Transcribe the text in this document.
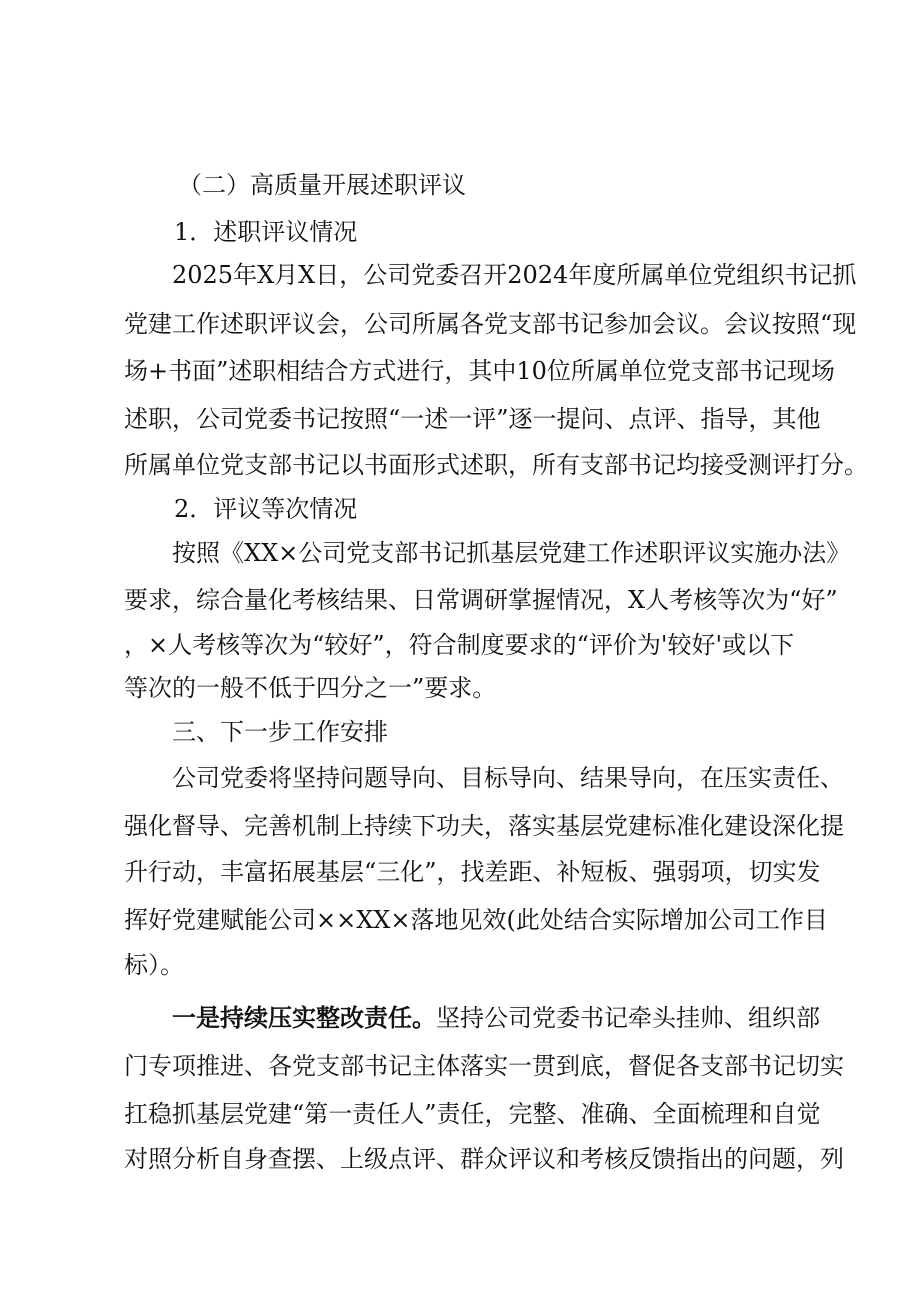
（二）高质量开展述职评议
1．述职评议情况
2025年X月X日，公司党委召开2024年度所属单位党组织书记抓
党建工作述职评议会，公司所属各党支部书记参加会议。会议按照“现
场+书面”述职相结合方式进行，其中10位所属单位党支部书记现场
述职，公司党委书记按照“一述一评”逐一提问、点评、指导，其他
所属单位党支部书记以书面形式述职，所有支部书记均接受测评打分。
2．评议等次情况
按照《XX×公司党支部书记抓基层党建工作述职评议实施办法》
要求，综合量化考核结果、日常调研掌握情况，X人考核等次为“好”
，×人考核等次为“较好”，符合制度要求的“评价为'较好'或以下
等次的一般不低于四分之一”要求。
三、下一步工作安排
公司党委将坚持问题导向、目标导向、结果导向，在压实责任、
强化督导、完善机制上持续下功夫，落实基层党建标准化建设深化提
升行动，丰富拓展基层“三化”，找差距、补短板、强弱项，切实发
挥好党建赋能公司××XX×落地见效(此处结合实际增加公司工作目
标）。
一是持续压实整改责任。坚持公司党委书记牵头挂帅、组织部
门专项推进、各党支部书记主体落实一贯到底，督促各支部书记切实
扛稳抓基层党建“第一责任人”责任，完整、准确、全面梳理和自觉
对照分析自身查摆、上级点评、群众评议和考核反馈指出的问题，列
